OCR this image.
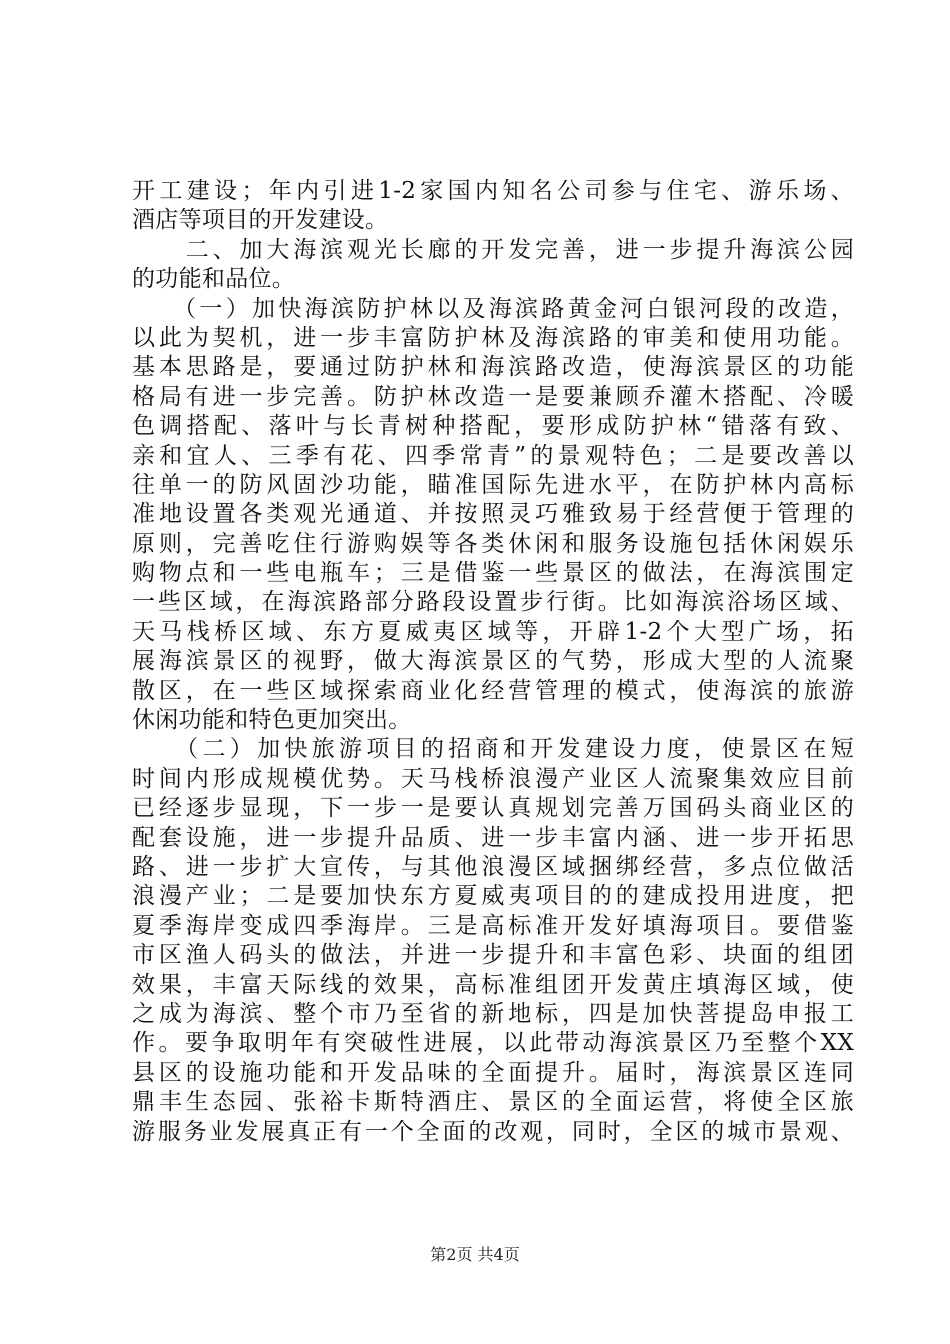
开工建设；年内引进1-2家国内知名公司参与住宅、游乐场、
酒店等项目的开发建设。
　　二、加大海滨观光长廊的开发完善，进一步提升海滨公园
的功能和品位。
　　（一）加快海滨防护林以及海滨路黄金河白银河段的改造，
以此为契机，进一步丰富防护林及海滨路的审美和使用功能。
基本思路是，要通过防护林和海滨路改造，使海滨景区的功能
格局有进一步完善。防护林改造一是要兼顾乔灌木搭配、冷暖
色调搭配、落叶与长青树种搭配，要形成防护林“错落有致、
亲和宜人、三季有花、四季常青”的景观特色；二是要改善以
往单一的防风固沙功能，瞄准国际先进水平，在防护林内高标
准地设置各类观光通道、并按照灵巧雅致易于经营便于管理的
原则，完善吃住行游购娱等各类休闲和服务设施包括休闲娱乐
购物点和一些电瓶车；三是借鉴一些景区的做法，在海滨围定
一些区域，在海滨路部分路段设置步行街。比如海滨浴场区域、
天马栈桥区域、东方夏威夷区域等，开辟1-2个大型广场，拓
展海滨景区的视野，做大海滨景区的气势，形成大型的人流聚
散区，在一些区域探索商业化经营管理的模式，使海滨的旅游
休闲功能和特色更加突出。
　　（二）加快旅游项目的招商和开发建设力度，使景区在短
时间内形成规模优势。天马栈桥浪漫产业区人流聚集效应目前
已经逐步显现，下一步一是要认真规划完善万国码头商业区的
配套设施，进一步提升品质、进一步丰富内涵、进一步开拓思
路、进一步扩大宣传，与其他浪漫区域捆绑经营，多点位做活
浪漫产业；二是要加快东方夏威夷项目的的建成投用进度，把
夏季海岸变成四季海岸。三是高标准开发好填海项目。要借鉴
市区渔人码头的做法，并进一步提升和丰富色彩、块面的组团
效果，丰富天际线的效果，高标准组团开发黄庄填海区域，使
之成为海滨、整个市乃至省的新地标，四是加快菩提岛申报工
作。要争取明年有突破性进展，以此带动海滨景区乃至整个XX
县区的设施功能和开发品味的全面提升。届时，海滨景区连同
鼎丰生态园、张裕卡斯特酒庄、景区的全面运营，将使全区旅
游服务业发展真正有一个全面的改观，同时，全区的城市景观、
第2页 共4页
